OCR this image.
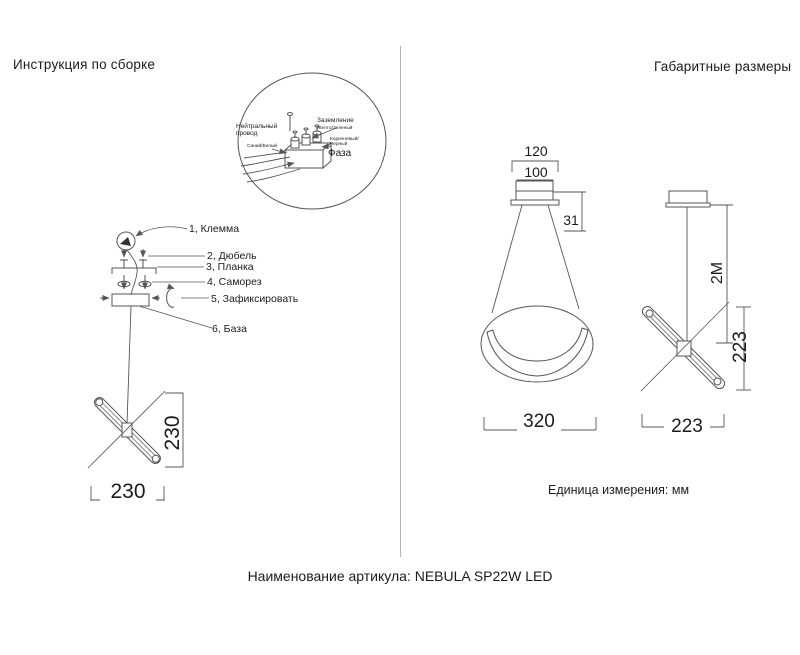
Инструкция по сборке	Габаритные размеры
Нейтральный провод
Синий/Белый
Заземление
Желто/Зеленый
Коричневый/Черный
Фаза
1, Клемма
2, Дюбель
3, Планка
4, Саморез
5, Зафиксировать
6, База
230
230
120
100
31
320
2M
223
223
Единица измерения: мм
Наименование артикула: NEBULA SP22W LED
